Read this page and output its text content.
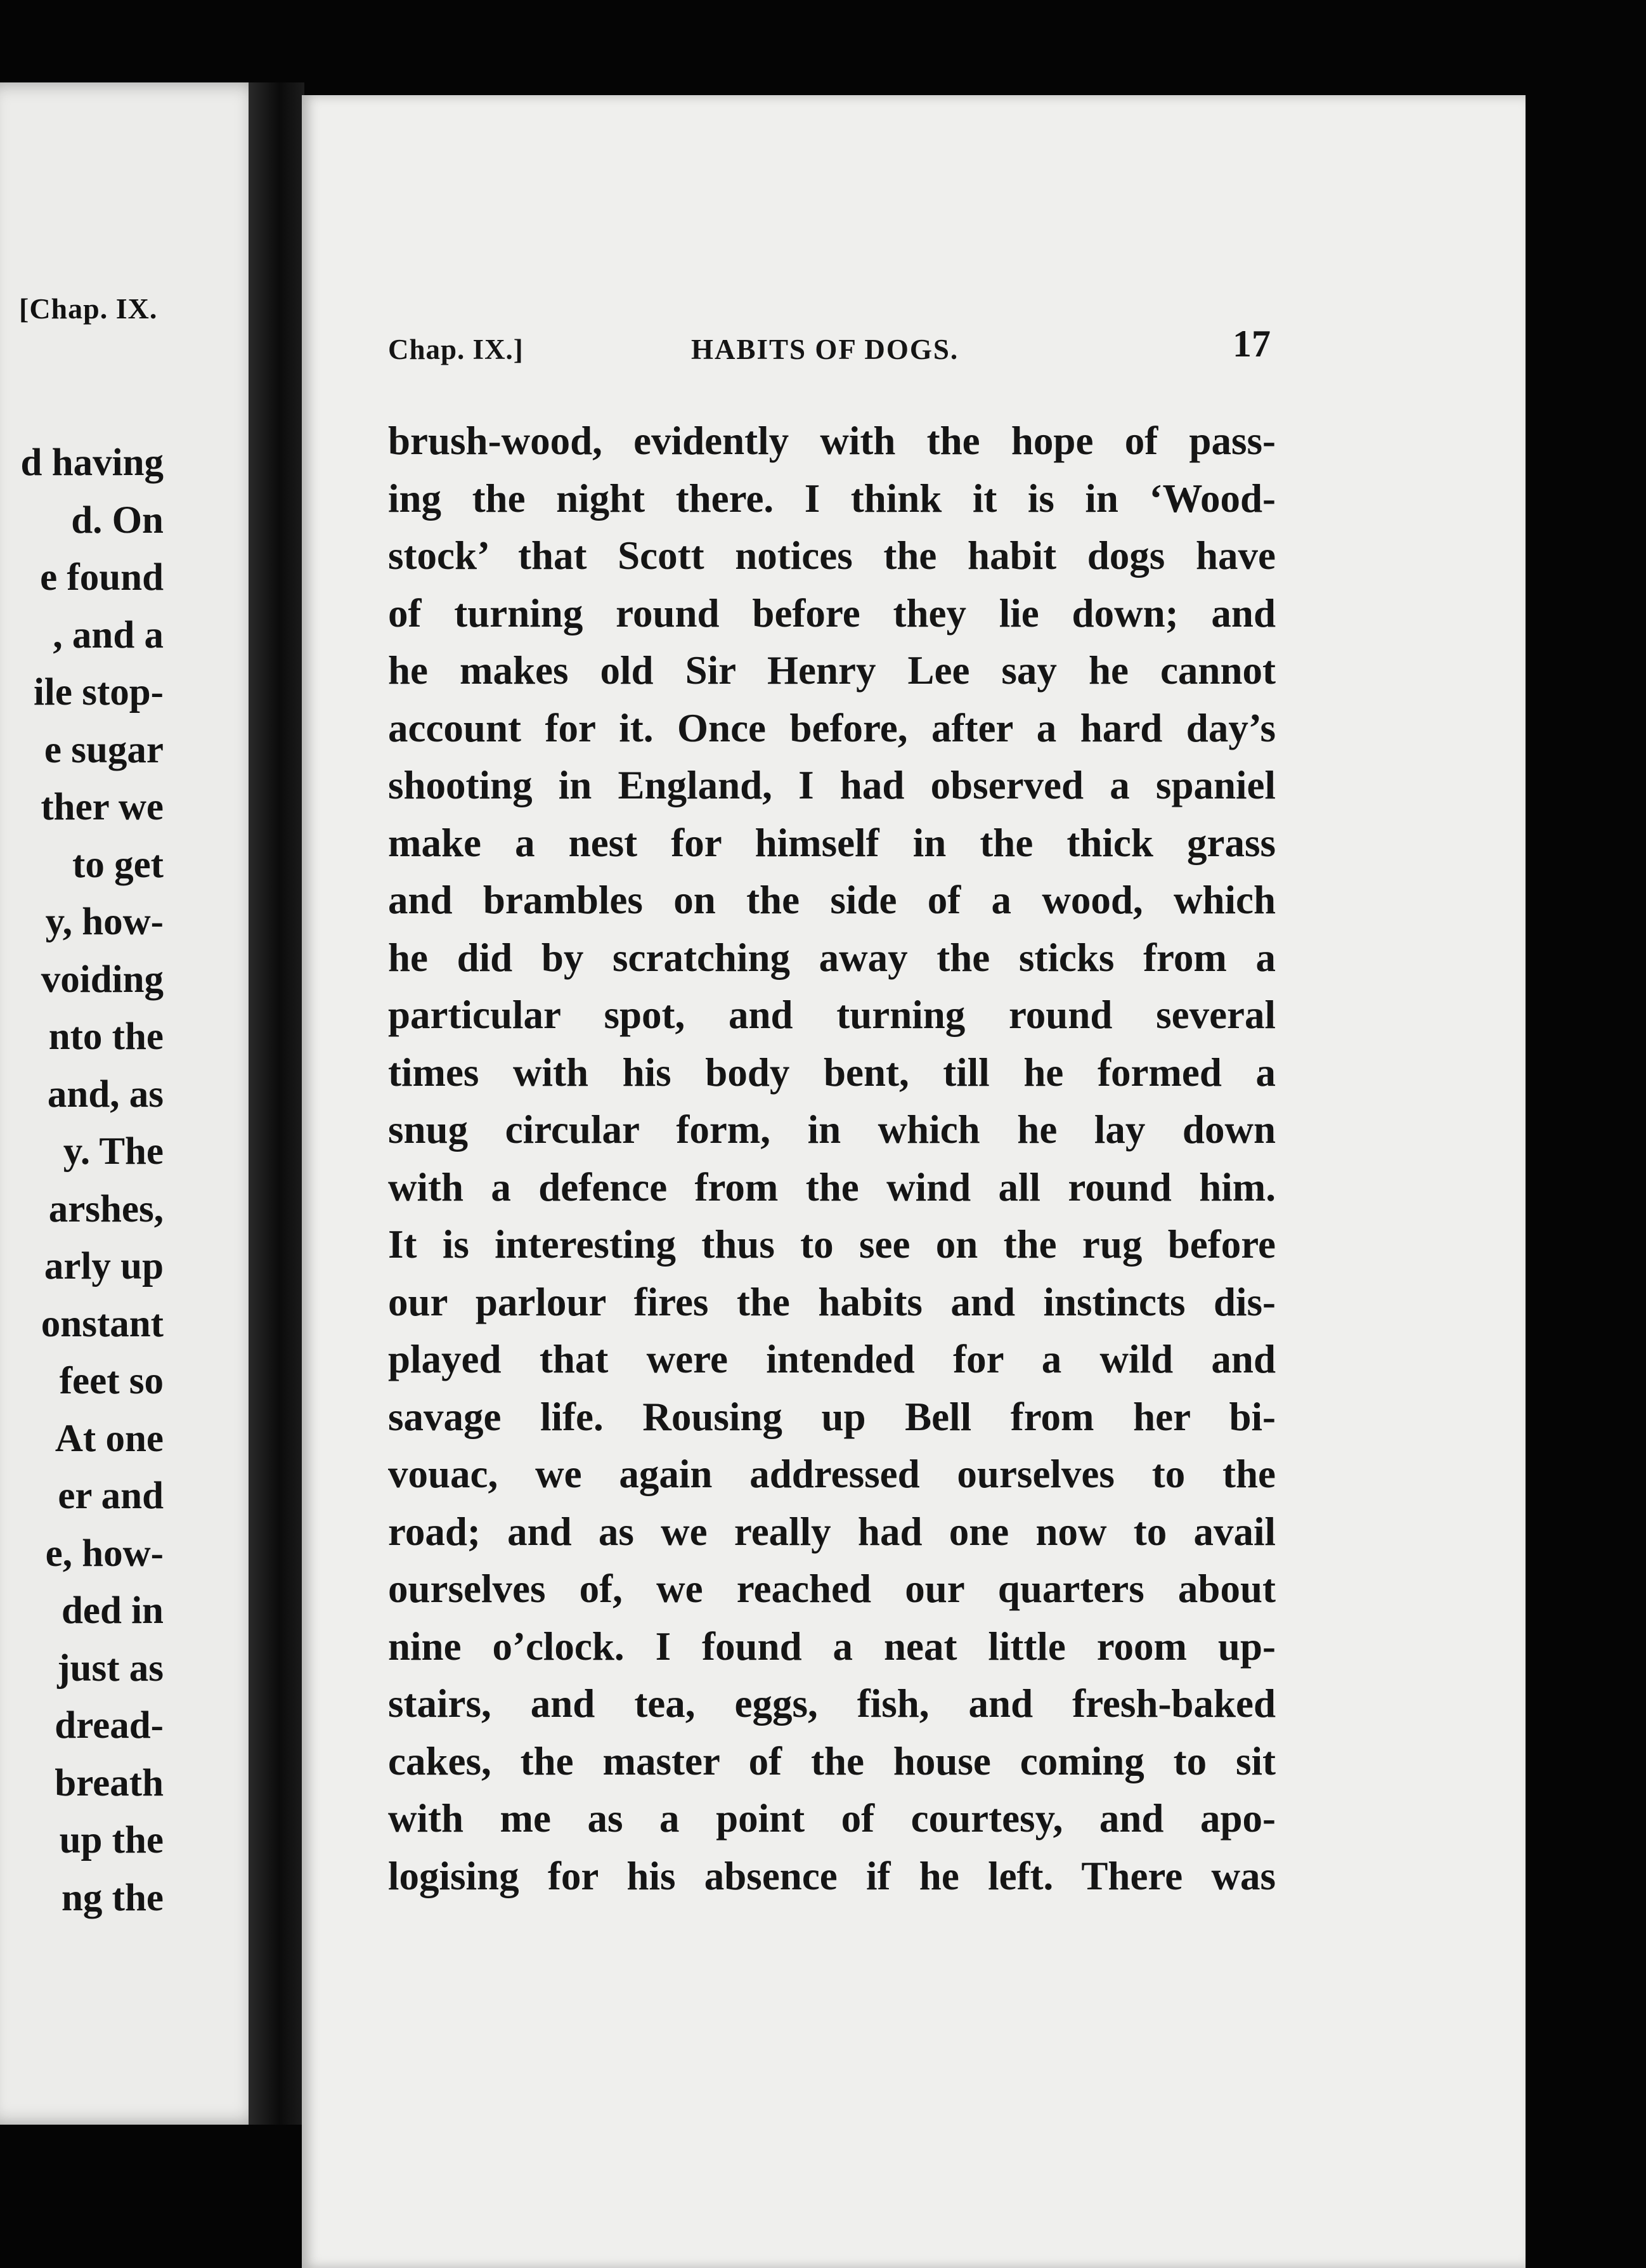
[Chap. IX.
d having
d. On
e found
, and a
ile stop-
e sugar
ther we
to get
y, how-
voiding
nto the
and, as
y. The
arshes,
arly up
onstant
feet so
At one
er and
e, how-
ded in
just as
dread-
breath
up the
ng the
Chap. IX.]	HABITS OF DOGS.	17
brush-wood, evidently with the hope of pass-
ing the night there. I think it is in ‘Wood-
stock’ that Scott notices the habit dogs have
of turning round before they lie down; and
he makes old Sir Henry Lee say he cannot
account for it. Once before, after a hard day’s
shooting in England, I had observed a spaniel
make a nest for himself in the thick grass
and brambles on the side of a wood, which
he did by scratching away the sticks from a
particular spot, and turning round several
times with his body bent, till he formed a
snug circular form, in which he lay down
with a defence from the wind all round him.
It is interesting thus to see on the rug before
our parlour fires the habits and instincts dis-
played that were intended for a wild and
savage life. Rousing up Bell from her bi-
vouac, we again addressed ourselves to the
road; and as we really had one now to avail
ourselves of, we reached our quarters about
nine o’clock. I found a neat little room up-
stairs, and tea, eggs, fish, and fresh-baked
cakes, the master of the house coming to sit
with me as a point of courtesy, and apo-
logising for his absence if he left. There was
